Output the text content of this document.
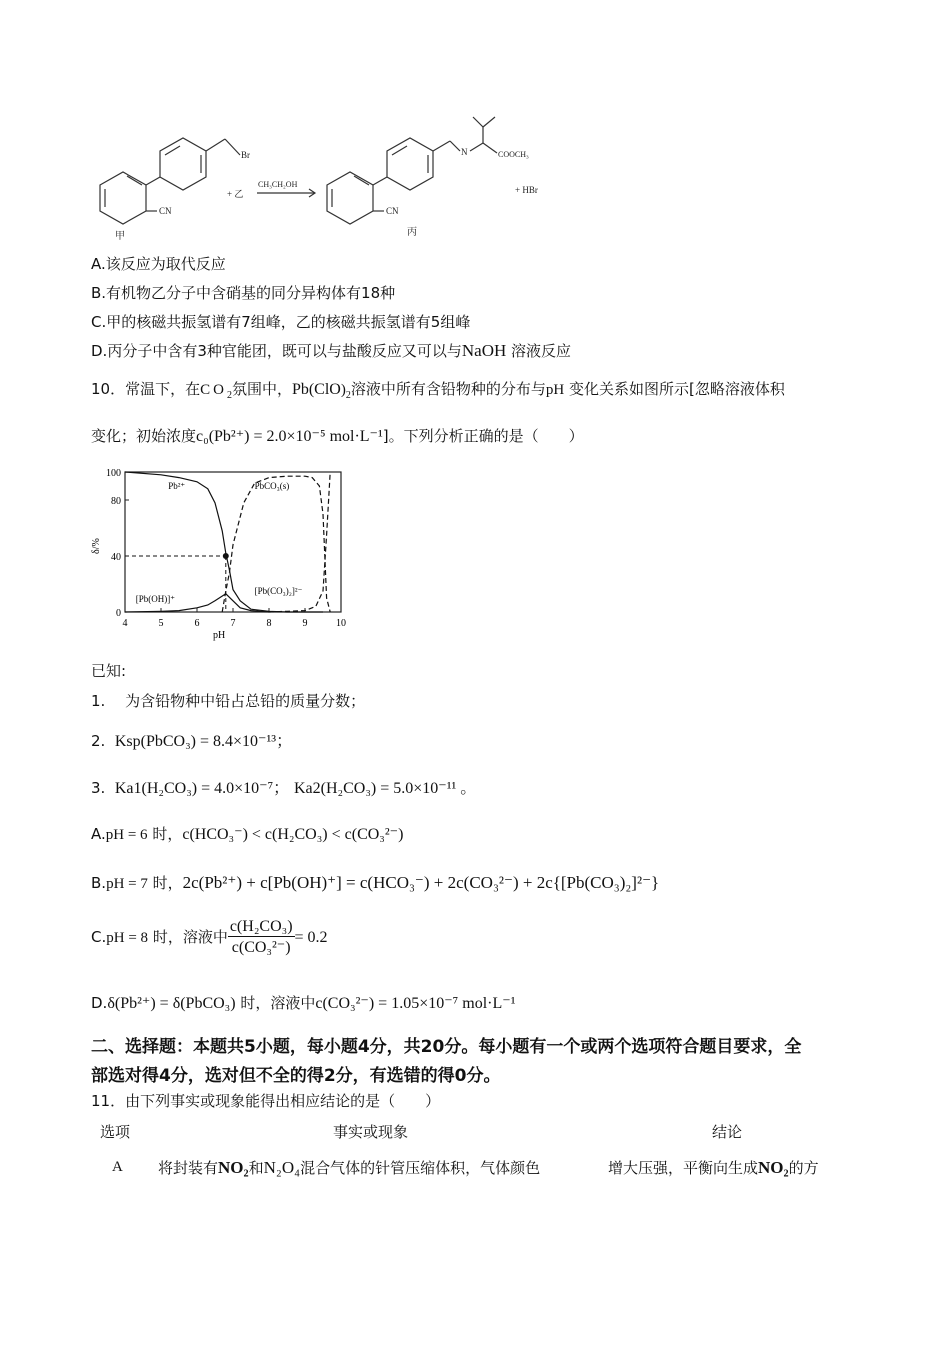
Br
CN
+ 乙
CH₃CH₂OH
CN
N	COOCH₃
+ HBr
甲	丙
A.该反应为取代反应
B.有机物乙分子中含硝基的同分异构体有18种
C.甲的核磁共振氢谱有7组峰，乙的核磁共振氢谱有5组峰
D.丙分子中含有3种官能团，既可以与盐酸反应又可以与NaOH 溶液反应
10．常温下，在$CO_2$氛围中，$Pb(ClO)_2$溶液中所有含铅物种的分布与pH 变化关系如图所示[忽略溶液体积
变化；初始浓度c₀(Pb²⁺) = 2.0×10⁻⁵ mol·L⁻¹]。下列分析正确的是（　　）
4	5	6	7	8	9	10
0
40
80
100
pH
δ/%
Pb²⁺	PbCO₃(s)
[Pb(OH)]⁺
[Pb(CO₃)₂]²⁻
已知:
1.　 为含铅物种中铅占总铅的质量分数；
2. Ksp(PbCO₃) = 8.4×10⁻¹³；
3. Ka1(H₂CO₃) = 4.0×10⁻⁷； Ka2(H₂CO₃) = 5.0×10⁻¹¹ 。
A.pH = 6 时，c(HCO₃⁻) < c(H₂CO₃) < c(CO₃²⁻)
B.pH = 7 时，2c(Pb²⁺) + c[Pb(OH)⁺] = c(HCO₃⁻) + 2c(CO₃²⁻) + 2c{[Pb(CO₃)₂]²⁻}
C.pH = 8 时，溶液中 $\frac{\text{c(H₂CO₃)}}{\text{c(CO₃²⁻)}} = 0.2$
D.δ(Pb²⁺) = δ(PbCO₃) 时，溶液中c(CO₃²⁻) = 1.05×10⁻⁷ mol·L⁻¹
二、选择题：本题共5小题，每小题4分，共20分。每小题有一个或两个选项符合题目要求，全
部选对得4分，选对但不全的得2分，有选错的得0分。
11．由下列事实或现象能得出相应结论的是（　　）
选项	事实或现象	结论
A 将封装有NO₂和N₂O₄混合气体的针管压缩体积，气体颜色	增大压强，平衡向生成NO₂的方
